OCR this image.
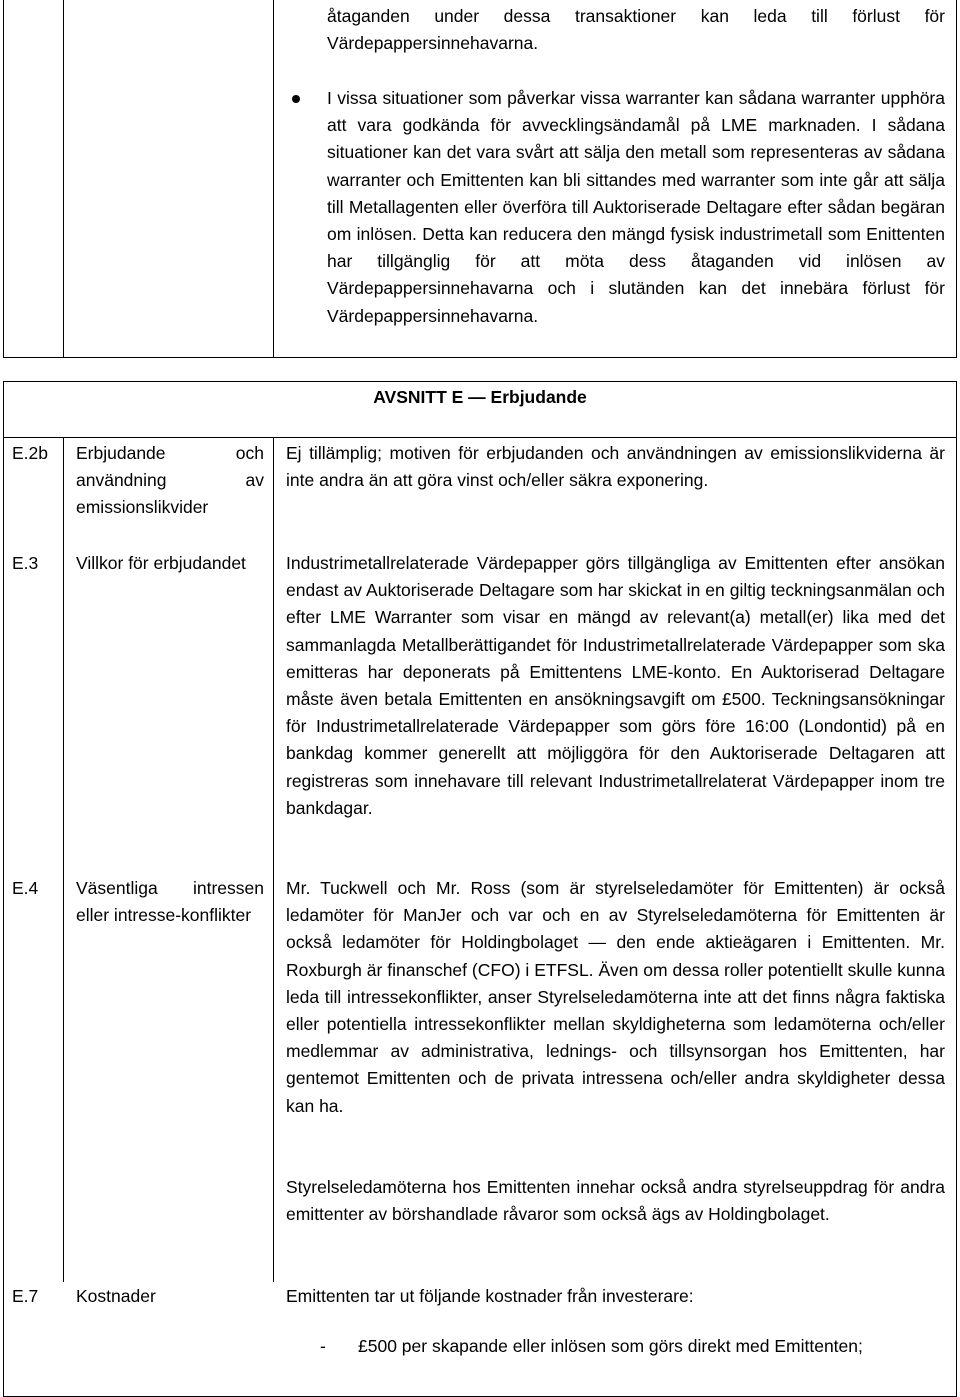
åtaganden under dessa transaktioner kan leda till förlust för Värdepappersinnehavarna.
I vissa situationer som påverkar vissa warranter kan sådana warranter upphöra att vara godkända för avvecklingsändamål på LME marknaden. I sådana situationer kan det vara svårt att sälja den metall som representeras av sådana warranter och Emittenten kan bli sittandes med warranter som inte går att sälja till Metallagenten eller överföra till Auktoriserade Deltagare efter sådan begäran om inlösen. Detta kan reducera den mängd fysisk industrimetall som Enittenten har tillgänglig för att möta dess åtaganden vid inlösen av Värdepappersinnehavarna och i slutänden kan det innebära förlust för Värdepappersinnehavarna.
AVSNITT E — Erbjudande
E.2b Erbjudande och användning av emissionslikvider
Ej tillämplig; motiven för erbjudanden och användningen av emissionslikviderna är inte andra än att göra vinst och/eller säkra exponering.
E.3 Villkor för erbjudandet	Industrimetallrelaterade Värdepapper görs tillgängliga av Emittenten efter ansökan endast av Auktoriserade Deltagare som har skickat in en giltig teckningsanmälan och efter LME Warranter som visar en mängd av relevant(a) metall(er) lika med det sammanlagda Metallberättigandet för Industrimetallrelaterade Värdepapper som ska emitteras har deponerats på Emittentens LME-konto. En Auktoriserad Deltagare måste även betala Emittenten en ansökningsavgift om £500. Teckningsansökningar för Industrimetallrelaterade Värdepapper som görs före 16:00 (Londontid) på en bankdag kommer generellt att möjliggöra för den Auktoriserade Deltagaren att registreras som innehavare till relevant Industrimetallrelaterat Värdepapper inom tre bankdagar.
E.4 Väsentliga intressen eller intresse-konflikter
Mr. Tuckwell och Mr. Ross (som är styrelseledamöter för Emittenten) är också ledamöter för ManJer och var och en av Styrelseledamöterna för Emittenten är också ledamöter för Holdingbolaget — den ende aktieägaren i Emittenten. Mr. Roxburgh är finanschef (CFO) i ETFSL. Även om dessa roller potentiellt skulle kunna leda till intressekonflikter, anser Styrelseledamöterna inte att det finns några faktiska eller potentiella intressekonflikter mellan skyldigheterna som ledamöterna och/eller medlemmar av administrativa, lednings- och tillsynsorgan hos Emittenten, har gentemot Emittenten och de privata intressena och/eller andra skyldigheter dessa kan ha.
Styrelseledamöterna hos Emittenten innehar också andra styrelseuppdrag för andra emittenter av börshandlade råvaror som också ägs av Holdingbolaget.
E.7 Kostnader	Emittenten tar ut följande kostnader från investerare:
- £500 per skapande eller inlösen som görs direkt med Emittenten;
